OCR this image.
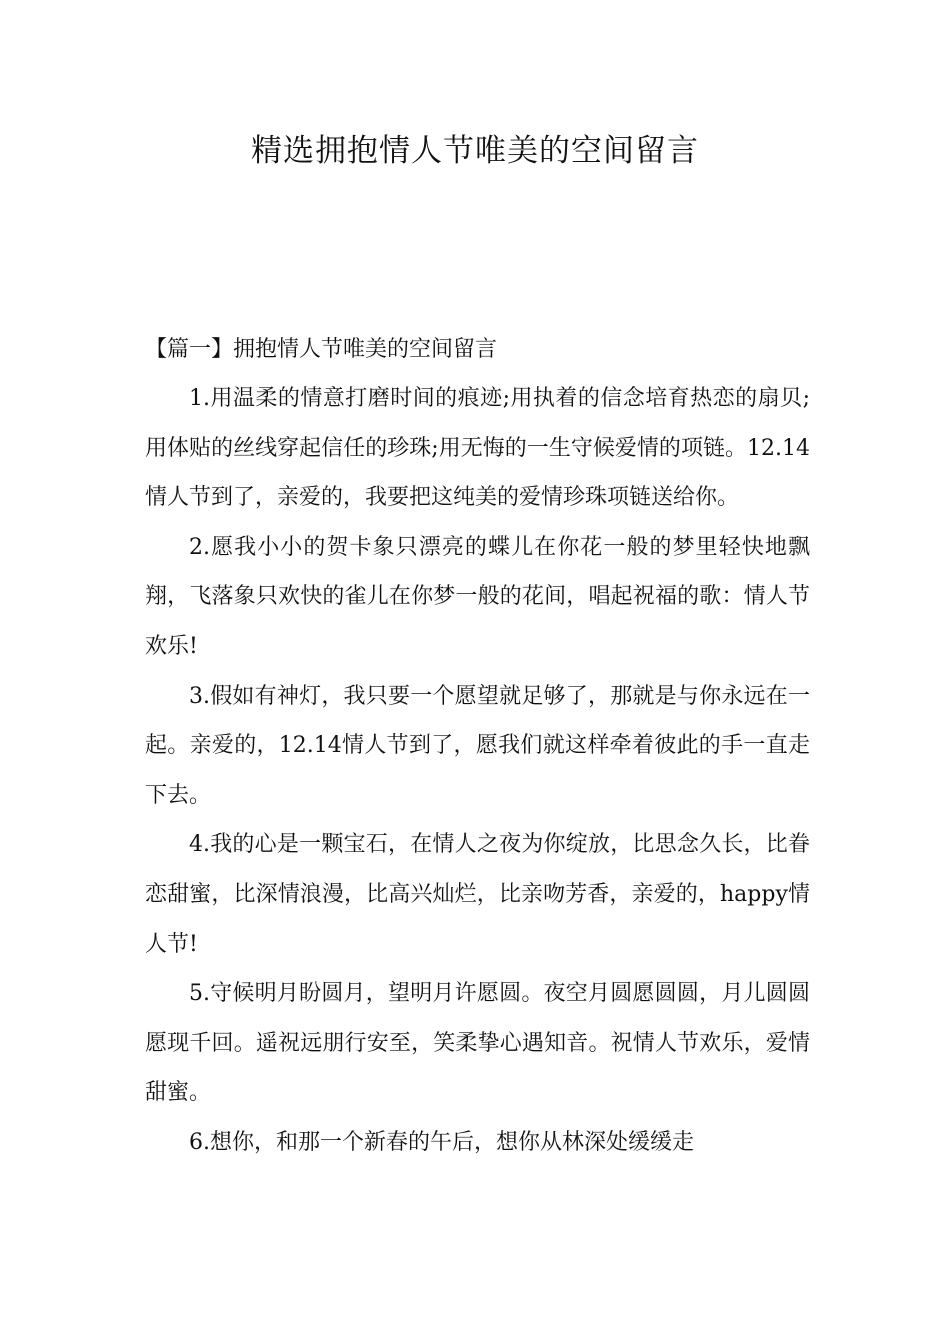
精选拥抱情人节唯美的空间留言

【篇一】拥抱情人节唯美的空间留言

1.用温柔的情意打磨时间的痕迹;用执着的信念培育热恋的扇贝;用体贴的丝线穿起信任的珍珠;用无悔的一生守候爱情的项链。12.14情人节到了，亲爱的，我要把这纯美的爱情珍珠项链送给你。

2.愿我小小的贺卡象只漂亮的蝶儿在你花一般的梦里轻快地飘翔，飞落象只欢快的雀儿在你梦一般的花间，唱起祝福的歌：情人节欢乐!

3.假如有神灯，我只要一个愿望就足够了，那就是与你永远在一起。亲爱的，12.14情人节到了，愿我们就这样牵着彼此的手一直走下去。

4.我的心是一颗宝石，在情人之夜为你绽放，比思念久长，比眷恋甜蜜，比深情浪漫，比高兴灿烂，比亲吻芳香，亲爱的，happy情人节!

5.守候明月盼圆月，望明月许愿圆。夜空月圆愿圆圆，月儿圆圆愿现千回。遥祝远朋行安至，笑柔挚心遇知音。祝情人节欢乐，爱情甜蜜。

6.想你，和那一个新春的午后，想你从林深处缓缓走
